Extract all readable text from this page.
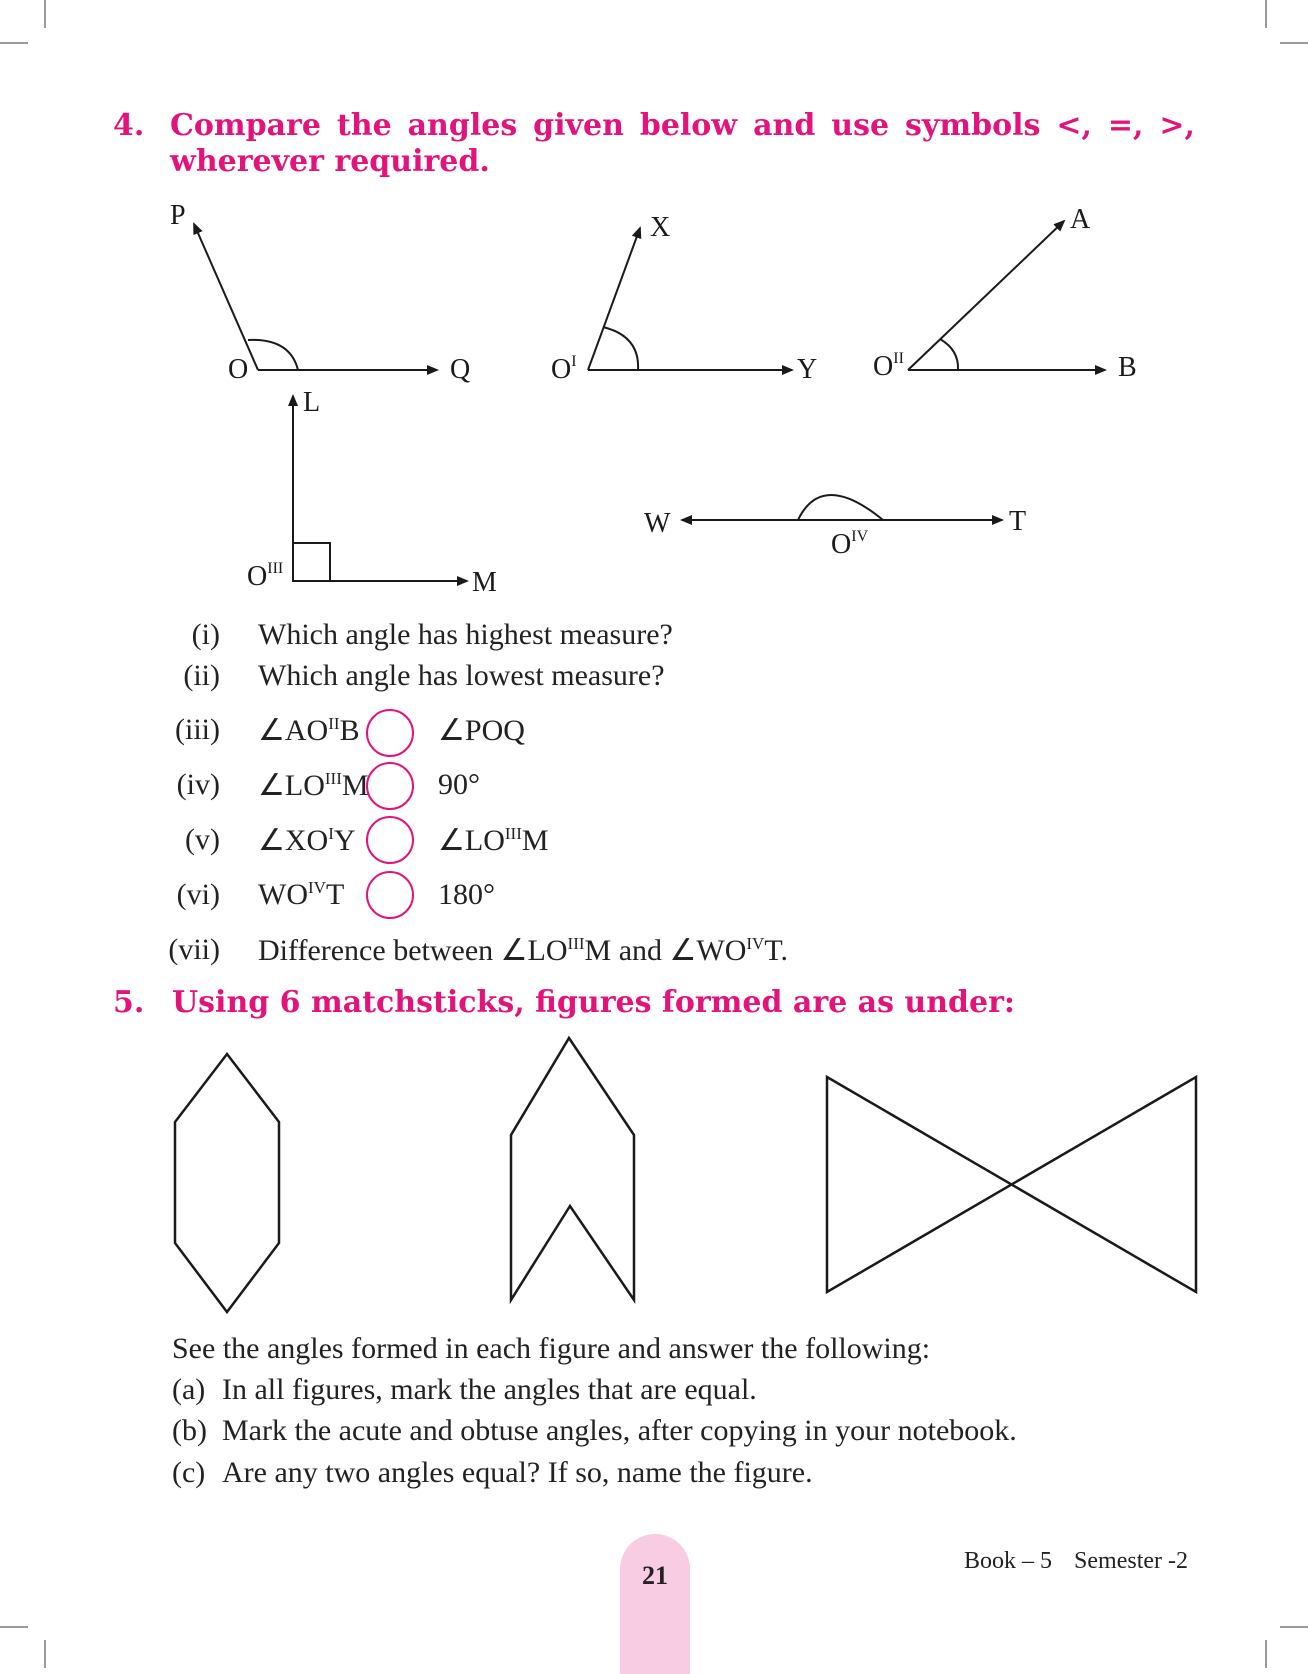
4. Compare the angles given below and use symbols <, =, >, wherever required.
P
O	Q
X
$O^I$	Y
A
$O^{II}$	B
L
$O^{III}$	M
W
$O^{IV}$	T
(i) Which angle has highest measure?
(ii) Which angle has lowest measure?
(iii) $\angle AO^{II}B$	∠POQ
(iv) $\angle LO^{III}M$ 90°
(v) $\angle XO^IY$	$\angle LO^{III}M$
(vi) $WO^{IV}T$	180°
(vii) Difference between $\angle LO^{III}M$ and $\angle WO^{IV}T$.
5. Using 6 matchsticks, figures formed are as under:
See the angles formed in each figure and answer the following:
(a) In all figures, mark the angles that are equal.
(b) Mark the acute and obtuse angles, after copying in your notebook.
(c) Are any two angles equal? If so, name the figure.
21	Book – 5 Semester -2
